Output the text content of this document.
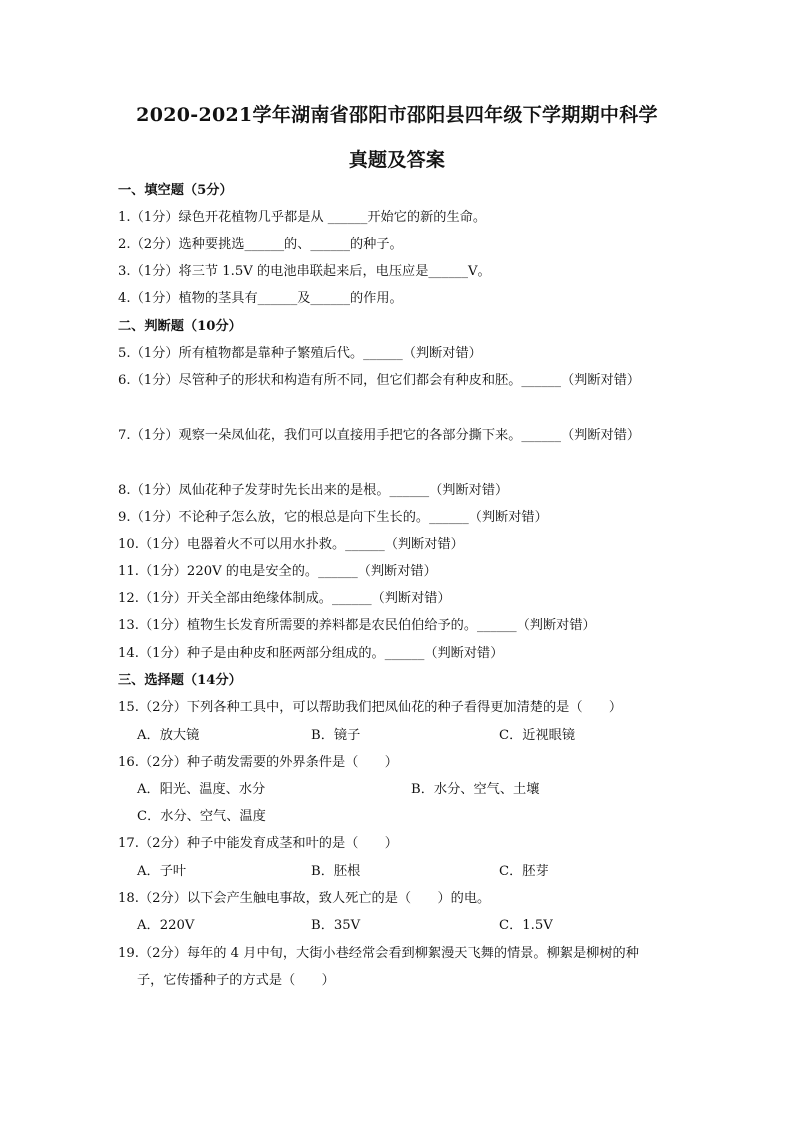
2020-2021学年湖南省邵阳市邵阳县四年级下学期期中科学
真题及答案
一、填空题（5分）
1.（1分）绿色开花植物几乎都是从 ______开始它的新的生命。
2.（2分）选种要挑选______的、______的种子。
3.（1分）将三节 1.5V 的电池串联起来后，电压应是______V。
4.（1分）植物的茎具有______及______的作用。
二、判断题（10分）
5.（1分）所有植物都是靠种子繁殖后代。______（判断对错）
6.（1分）尽管种子的形状和构造有所不同，但它们都会有种皮和胚。______（判断对错）
7.（1分）观察一朵凤仙花，我们可以直接用手把它的各部分撕下来。______（判断对错）
8.（1分）凤仙花种子发芽时先长出来的是根。______（判断对错）
9.（1分）不论种子怎么放，它的根总是向下生长的。______（判断对错）
10.（1分）电器着火不可以用水扑救。______（判断对错）
11.（1分）220V 的电是安全的。______（判断对错）
12.（1分）开关全部由绝缘体制成。______（判断对错）
13.（1分）植物生长发育所需要的养料都是农民伯伯给予的。______（判断对错）
14.（1分）种子是由种皮和胚两部分组成的。______（判断对错）
三、选择题（14分）
15.（2分）下列各种工具中，可以帮助我们把凤仙花的种子看得更加清楚的是（　　）
A．放大镜	B．镜子	C．近视眼镜
16.（2分）种子萌发需要的外界条件是（　　）
A．阳光、温度、水分	B．水分、空气、土壤
C．水分、空气、温度
17.（2分）种子中能发育成茎和叶的是（　　）
A．子叶	B．胚根	C．胚芽
18.（2分）以下会产生触电事故，致人死亡的是（　　）的电。
A．220V	B．35V	C．1.5V
19.（2分）每年的 4 月中旬，大街小巷经常会看到柳絮漫天飞舞的情景。柳絮是柳树的种
子，它传播种子的方式是（　　）
